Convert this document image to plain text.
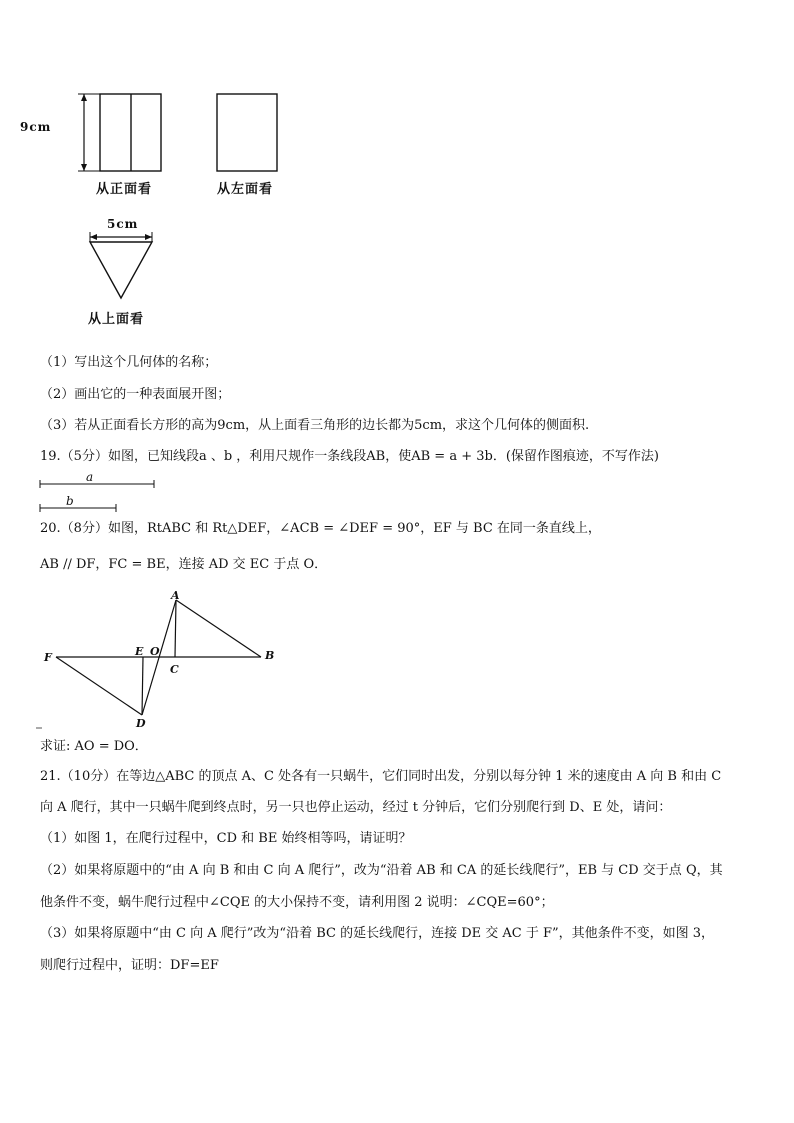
9cm
从正面看	从左面看
5cm
从上面看
（1）写出这个几何体的名称；
（2）画出它的一种表面展开图；
（3）若从正面看长方形的高为9cm，从上面看三角形的边长都为5cm，求这个几何体的侧面积.
19.（5分）如图，已知线段a 、b ，利用尺规作一条线段AB，使AB = a + 3b．(保留作图痕迹，不写作法)
a
b
20.（8分）如图，RtABC 和 Rt△DEF，∠ACB = ∠DEF = 90°，EF 与 BC 在同一条直线上，
AB // DF，FC = BE，连接 AD 交 EC 于点 O．
A
B
C
D
E
F	O
求证: AO = DO．
21.（10分）在等边△ABC 的顶点 A、C 处各有一只蜗牛，它们同时出发，分别以每分钟 1 米的速度由 A 向 B 和由 C
向 A 爬行，其中一只蜗牛爬到终点时，另一只也停止运动，经过 t 分钟后，它们分别爬行到 D、E 处，请问：
（1）如图 1，在爬行过程中，CD 和 BE 始终相等吗，请证明？
（2）如果将原题中的“由 A 向 B 和由 C 向 A 爬行”，改为“沿着 AB 和 CA 的延长线爬行”，EB 与 CD 交于点 Q，其
他条件不变，蜗牛爬行过程中∠CQE 的大小保持不变，请利用图 2 说明：∠CQE=60°；
（3）如果将原题中“由 C 向 A 爬行”改为“沿着 BC 的延长线爬行，连接 DE 交 AC 于 F”，其他条件不变，如图 3，
则爬行过程中，证明：DF=EF
